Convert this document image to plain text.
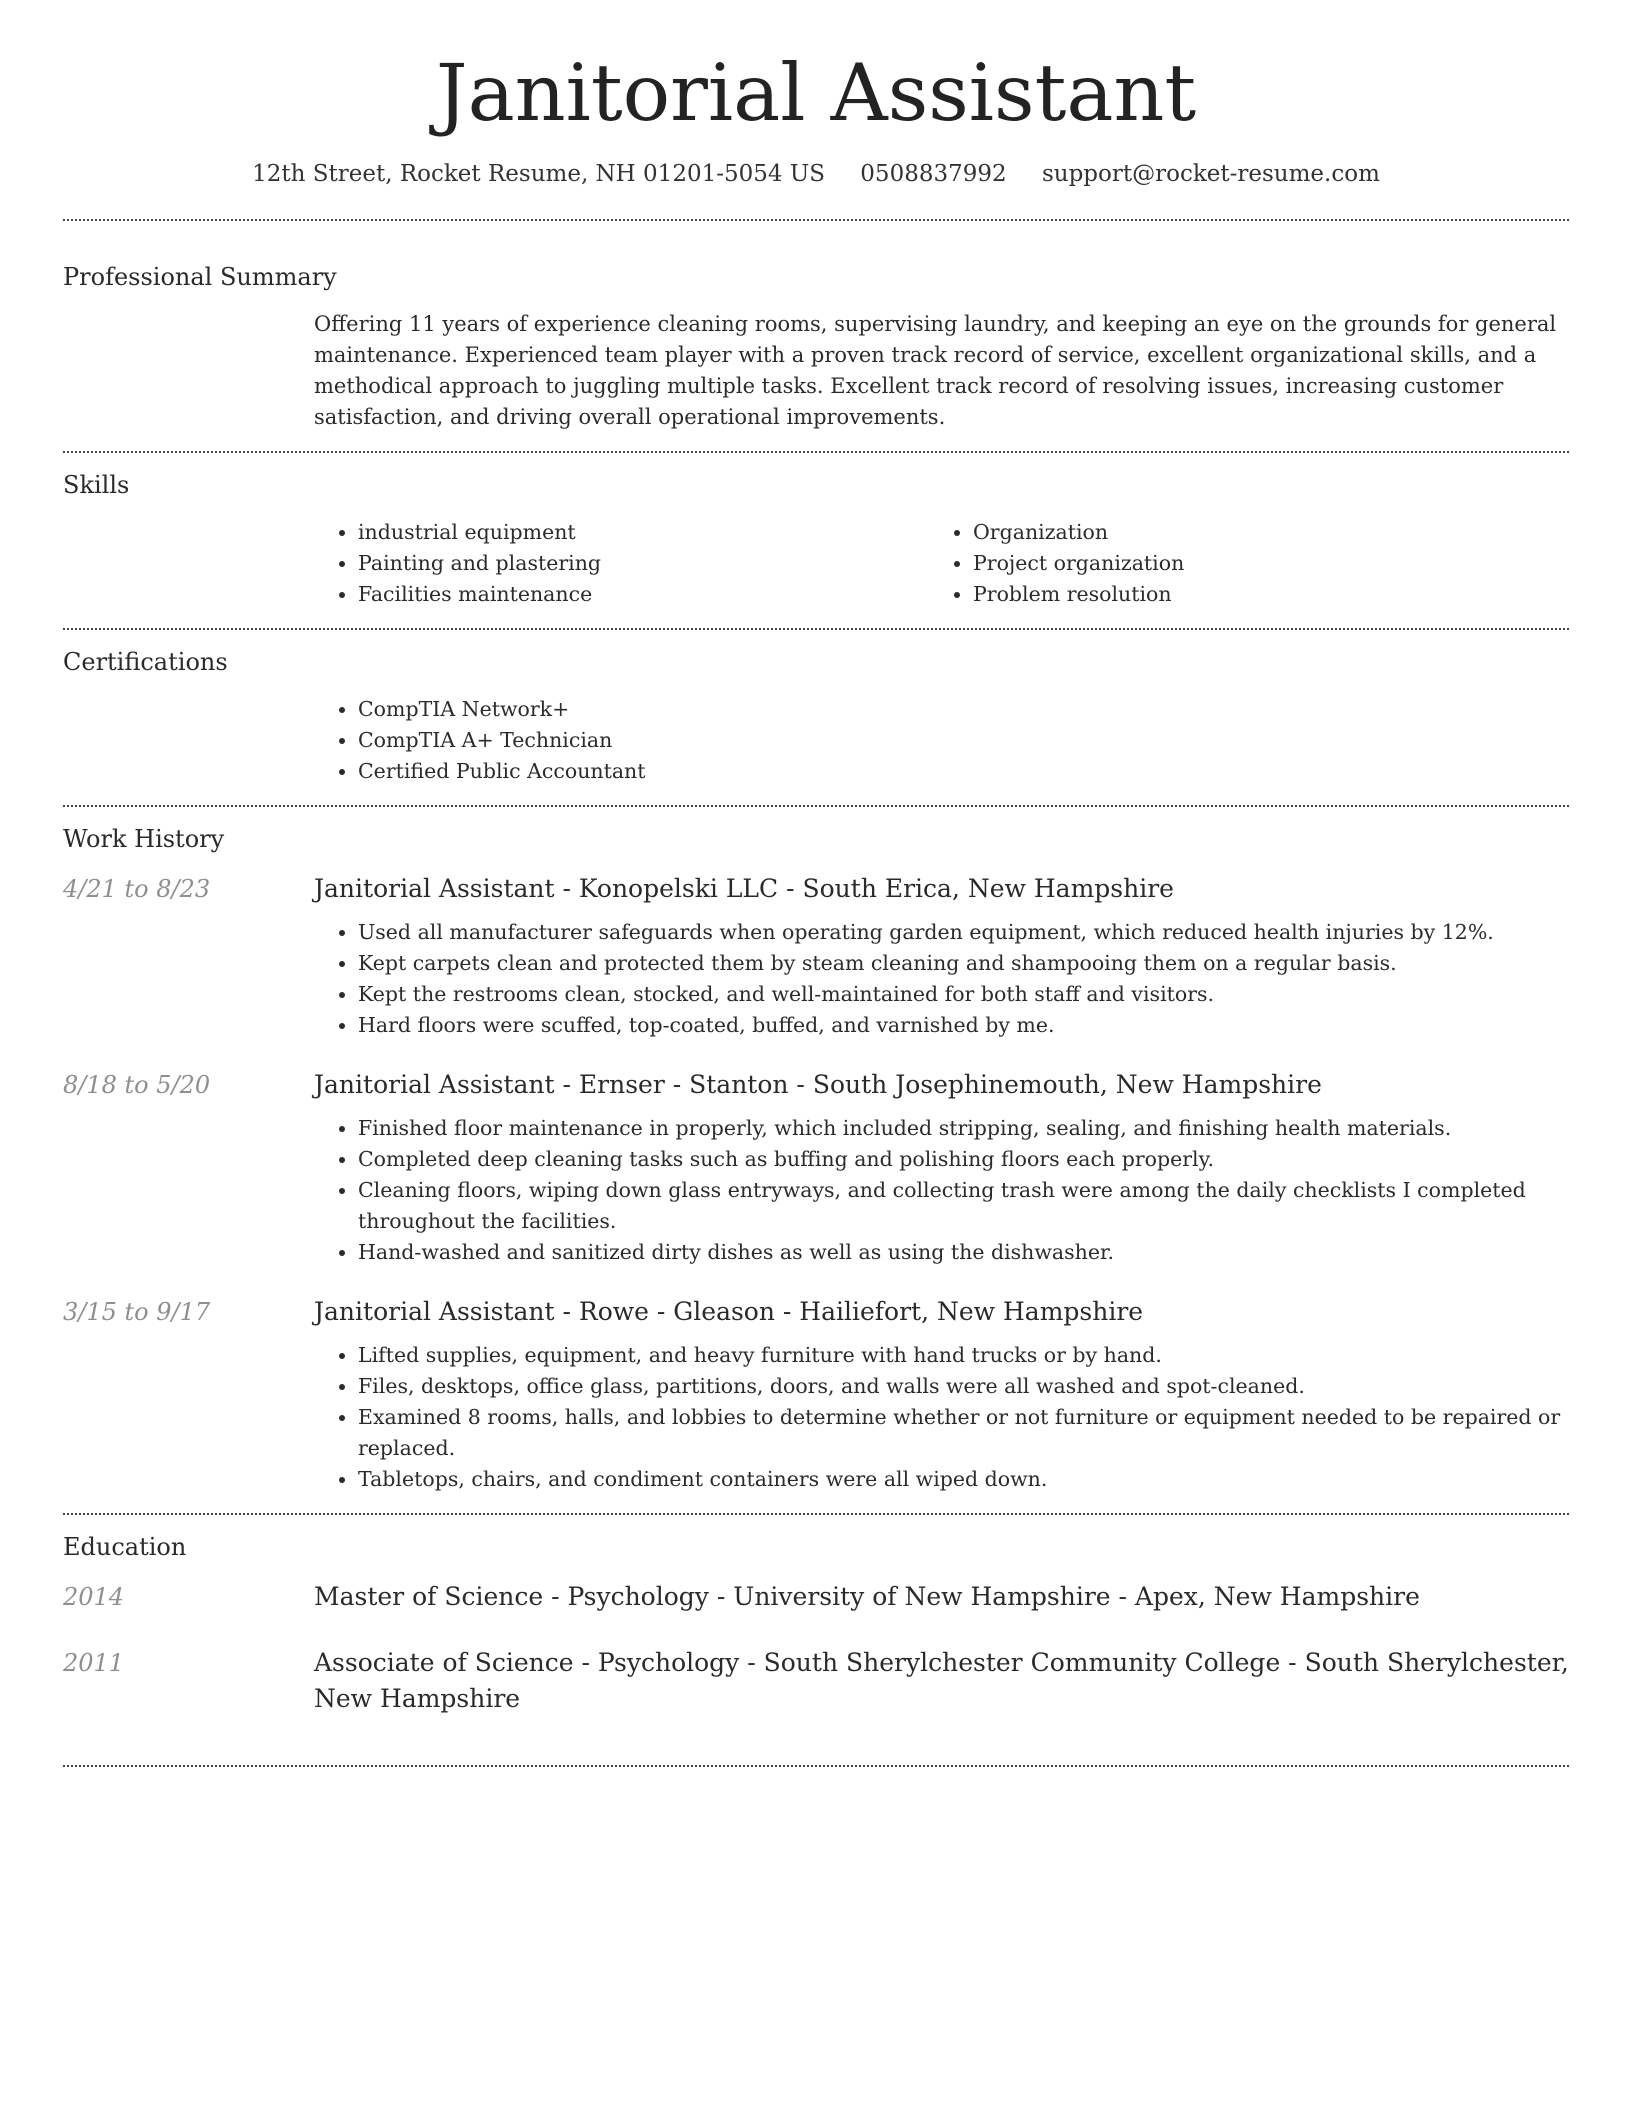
Janitorial Assistant
12th Street, Rocket Resume, NH 01201-5054 US 0508837992 support@rocket-resume.com
Professional Summary

Offering 11 years of experience cleaning rooms, supervising laundry, and keeping an eye on the grounds for general maintenance. Experienced team player with a proven track record of service, excellent organizational skills, and a methodical approach to juggling multiple tasks. Excellent track record of resolving issues, increasing customer satisfaction, and driving overall operational improvements.

Skills
• industrial equipment
• Painting and plastering
• Facilities maintenance
• Organization
• Project organization
• Problem resolution
Certifications
• CompTIA Network+
• CompTIA A+ Technician
• Certified Public Accountant
Work History
4/21 to 8/23	Janitorial Assistant - Konopelski LLC - South Erica, New Hampshire
• Used all manufacturer safeguards when operating garden equipment, which reduced health injuries by 12%.
• Kept carpets clean and protected them by steam cleaning and shampooing them on a regular basis.
• Kept the restrooms clean, stocked, and well-maintained for both staff and visitors.
• Hard floors were scuffed, top-coated, buffed, and varnished by me.
8/18 to 5/20	Janitorial Assistant - Ernser - Stanton - South Josephinemouth, New Hampshire
• Finished floor maintenance in properly, which included stripping, sealing, and finishing health materials.
• Completed deep cleaning tasks such as buffing and polishing floors each properly.
• Cleaning floors, wiping down glass entryways, and collecting trash were among the daily checklists I completed throughout the facilities.
• Hand-washed and sanitized dirty dishes as well as using the dishwasher.
3/15 to 9/17	Janitorial Assistant - Rowe - Gleason - Hailiefort, New Hampshire
• Lifted supplies, equipment, and heavy furniture with hand trucks or by hand.
• Files, desktops, office glass, partitions, doors, and walls were all washed and spot-cleaned.
• Examined 8 rooms, halls, and lobbies to determine whether or not furniture or equipment needed to be repaired or replaced.
• Tabletops, chairs, and condiment containers were all wiped down.
Education
2014	Master of Science - Psychology - University of New Hampshire - Apex, New Hampshire
2011	Associate of Science - Psychology - South Sherylchester Community College - South Sherylchester, New Hampshire
